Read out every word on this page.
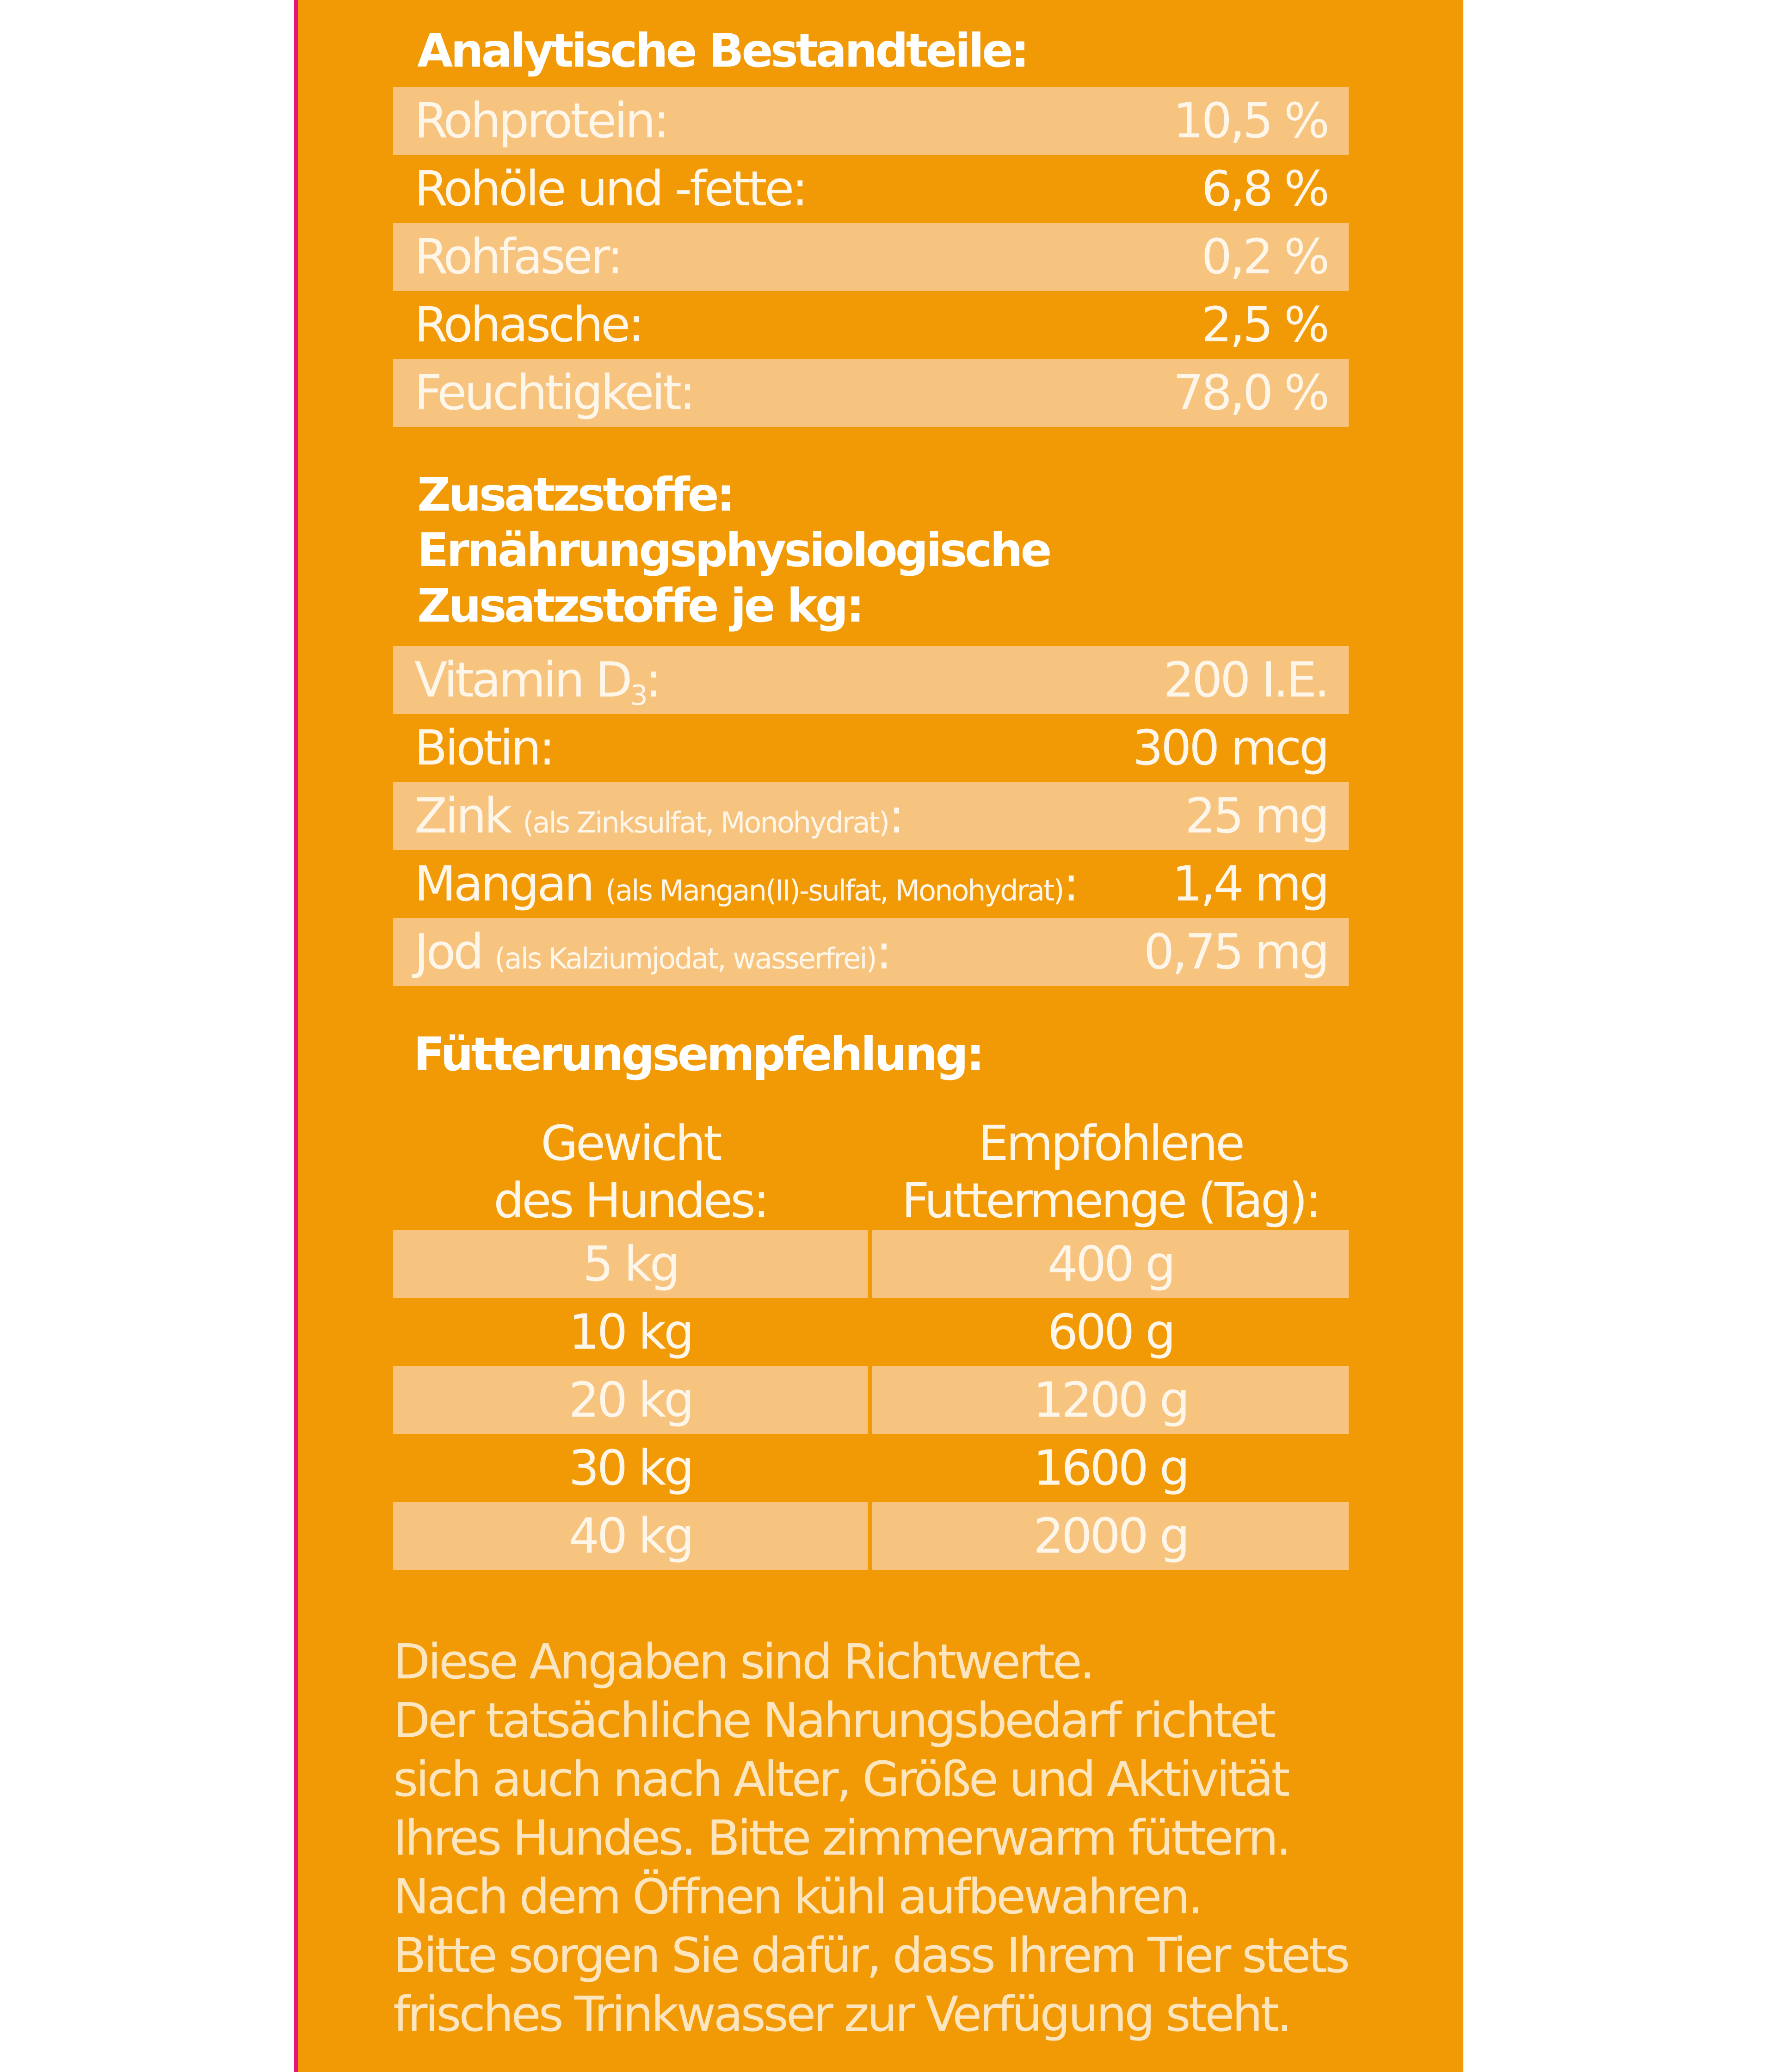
Analytische Bestandteile:
Rohprotein:	10,5 %
Rohöle und -fette:	6,8 %
Rohfaser:	0,2 %
Rohasche:	2,5 %
Feuchtigkeit:	78,0 %
Zusatzstoffe:
Ernährungsphysiologische
Zusatzstoffe je kg:
Vitamin $D_3$:	200 I.E.
Biotin:	300 mcg
Zink (als Zinksulfat, Monohydrat):	25 mg
Mangan (als Mangan(II)-sulfat, Monohydrat): 1,4 mg
Jod (als Kalziumjodat, wasserfrei):	0,75 mg
Fütterungsempfehlung:
Gewicht
des Hundes:
Empfohlene
Futtermenge (Tag):
5 kg	400 g
10 kg	600 g
20 kg	1200 g
30 kg	1600 g
40 kg	2000 g

Diese Angaben sind Richtwerte.
Der tatsächliche Nahrungsbedarf richtet
sich auch nach Alter, Größe und Aktivität
Ihres Hundes. Bitte zimmerwarm füttern.
Nach dem Öffnen kühl aufbewahren.
Bitte sorgen Sie dafür, dass Ihrem Tier stets
frisches Trinkwasser zur Verfügung steht.
